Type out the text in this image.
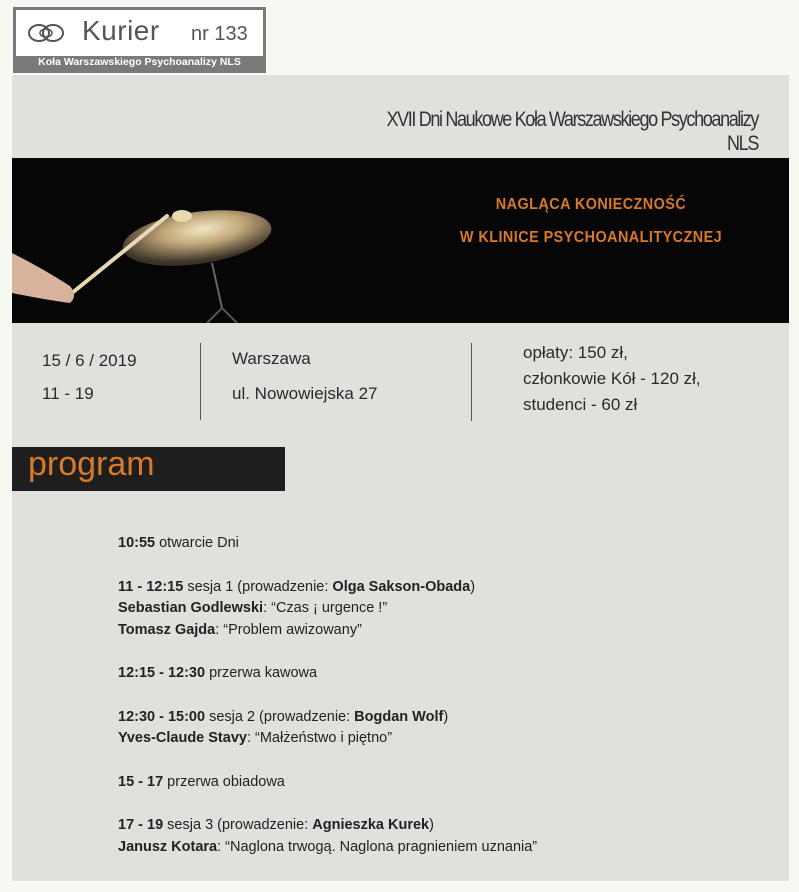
Kurier nr 133
Koła Warszawskiego Psychoanalizy NLS
XVII Dni Naukowe Koła Warszawskiego Psychoanalizy NLS
NAGLĄCA KONIECZNOŚĆ
W KLINICE PSYCHOANALITYCZNEJ
15 / 6 / 2019
11 - 19
Warszawa
ul. Nowowiejska 27
opłaty: 150 zł,
członkowie Kół - 120 zł,
studenci - 60 zł
program

10:55 otwarcie Dni

11 - 12:15 sesja 1 (prowadzenie: Olga Sakson-Obada)
Sebastian Godlewski: “Czas ¡ urgence !”
Tomasz Gajda: “Problem awizowany”

12:15 - 12:30 przerwa kawowa

12:30 - 15:00 sesja 2 (prowadzenie: Bogdan Wolf)
Yves-Claude Stavy: “Małżeństwo i piętno”

15 - 17 przerwa obiadowa

17 - 19 sesja 3 (prowadzenie: Agnieszka Kurek)
Janusz Kotara: “Naglona trwogą. Naglona pragnieniem uznania”
